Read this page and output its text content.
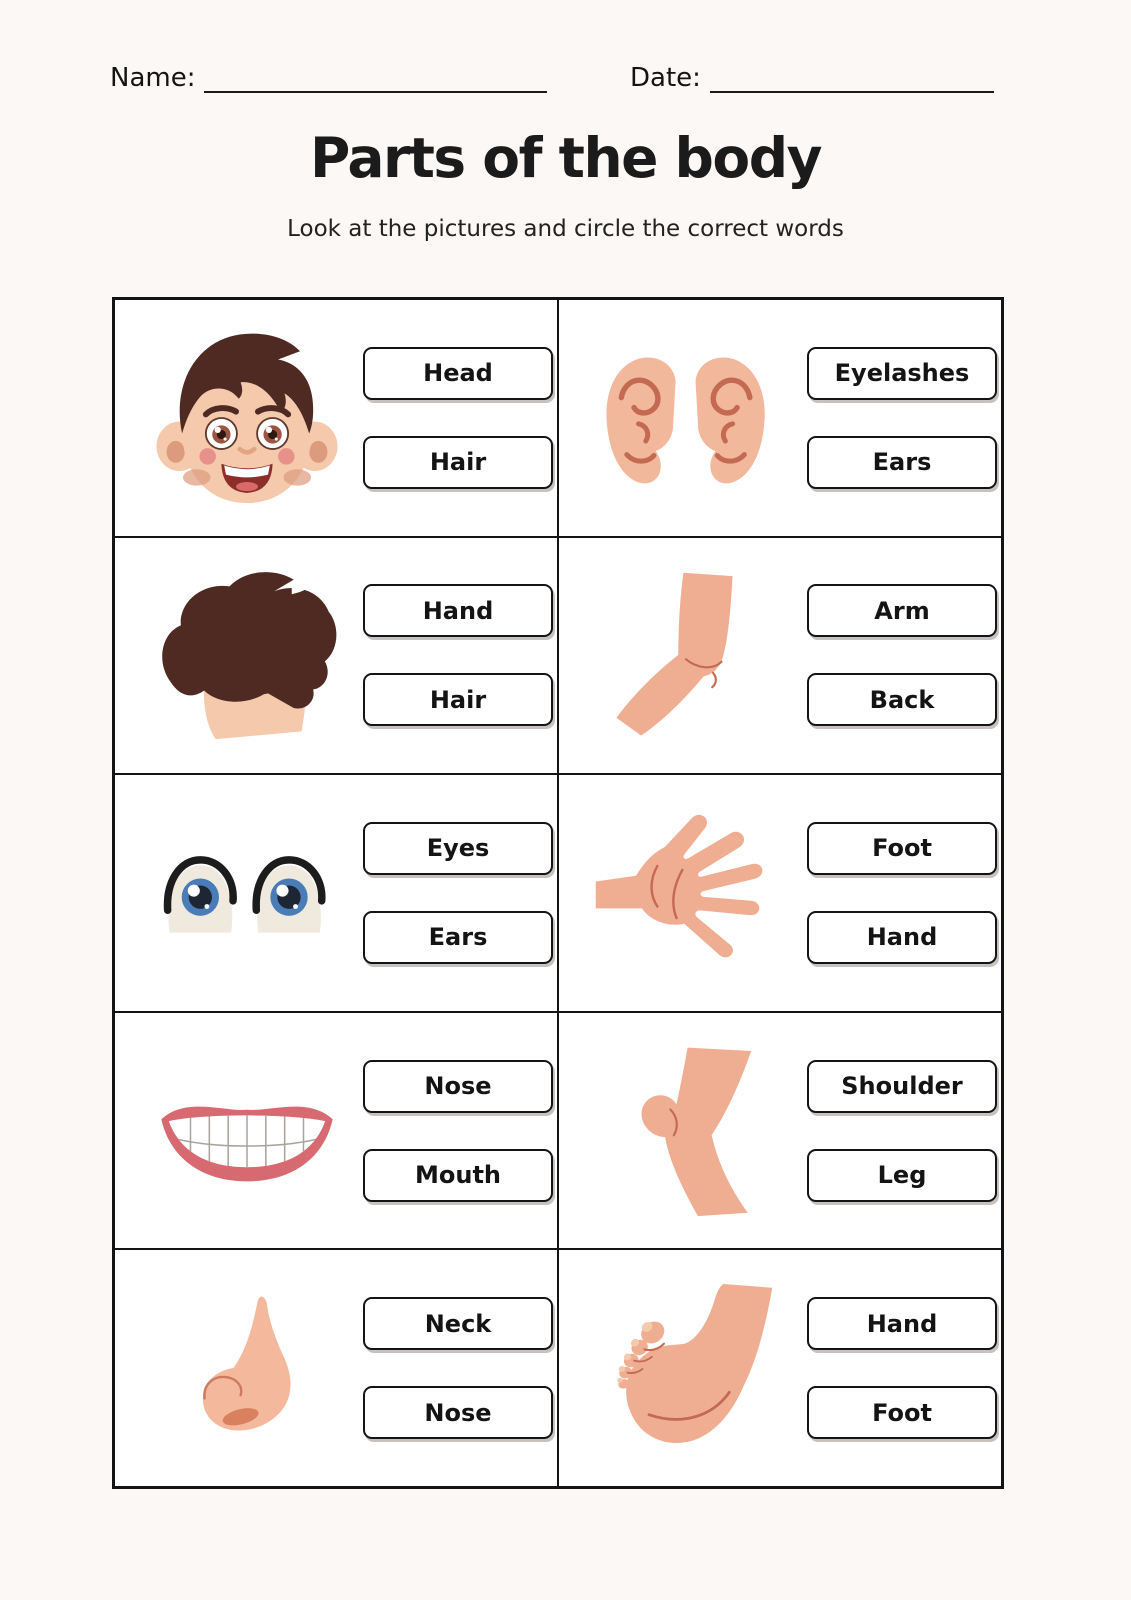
Name:	Date:
Parts of the body
Look at the pictures and circle the correct words
Head
Hair
Eyelashes
Ears
Hand
Hair
Arm
Back
Eyes
Ears
Foot
Hand
Nose
Mouth
Shoulder
Leg
Neck
Nose
Hand
Foot
